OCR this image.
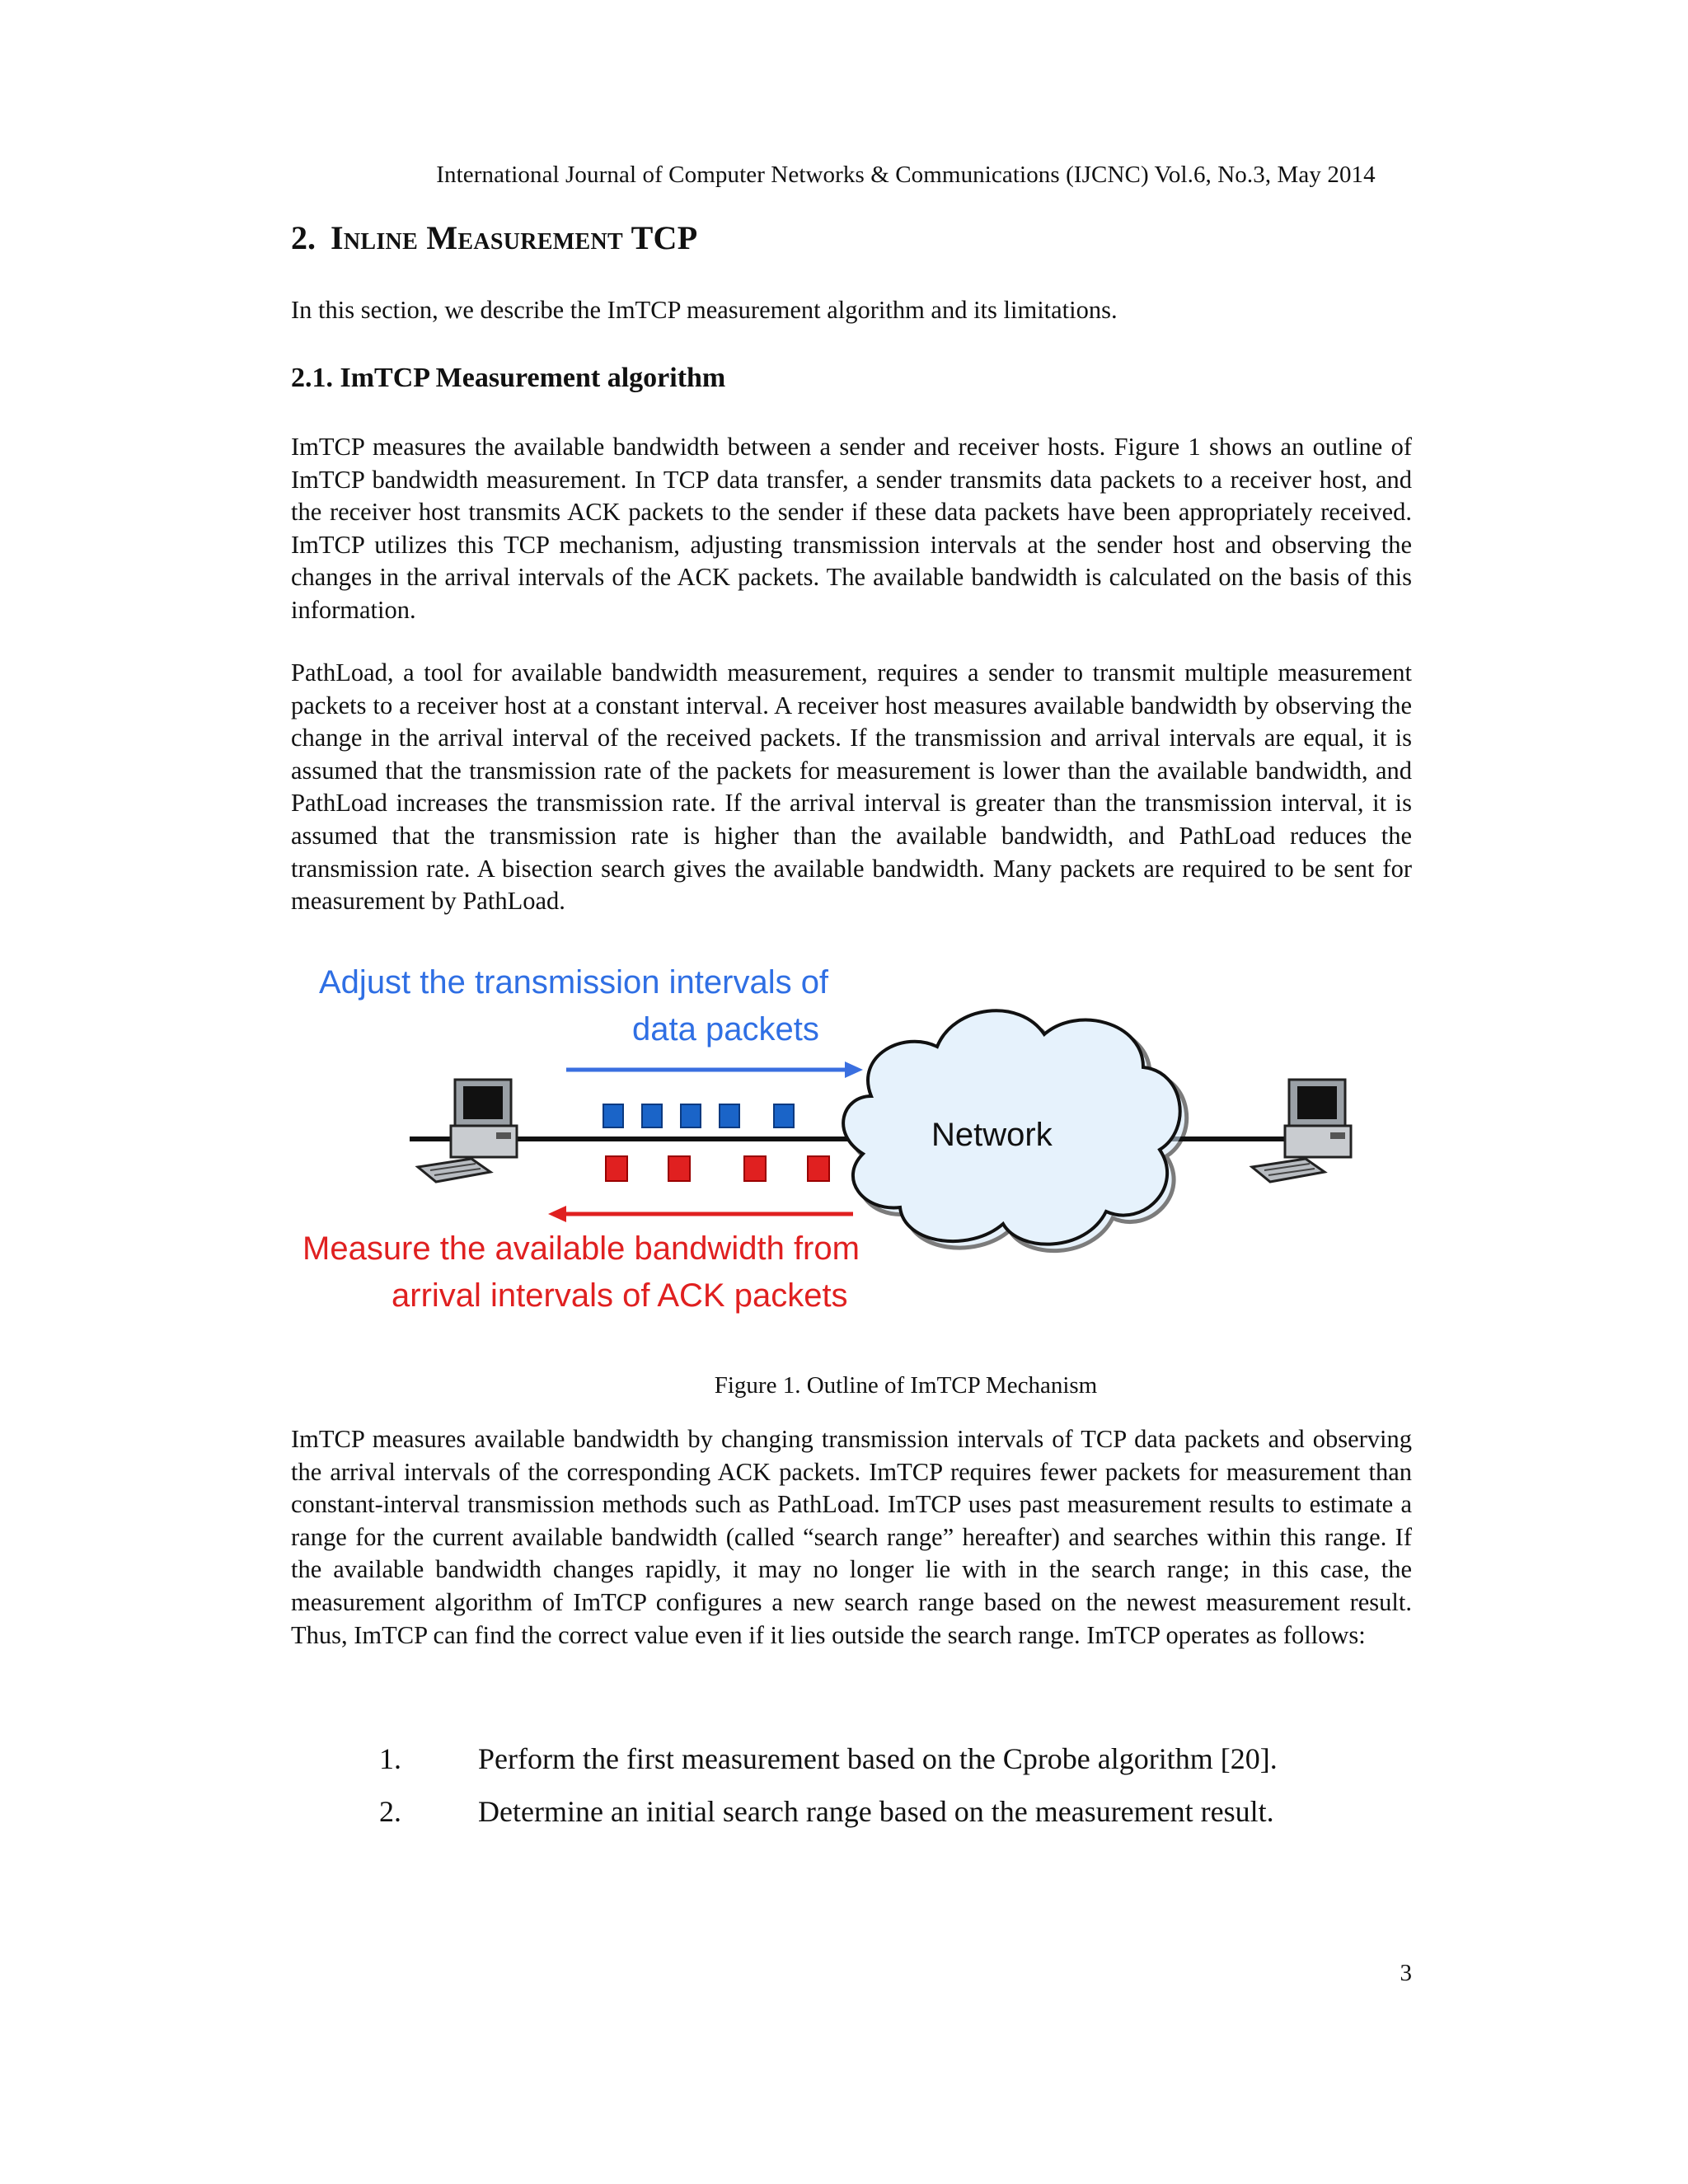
International Journal of Computer Networks & Communications (IJCNC) Vol.6, No.3, May 2014
2. Inline Measurement TCP
In this section, we describe the ImTCP measurement algorithm and its limitations.
2.1. ImTCP Measurement algorithm
ImTCP measures the available bandwidth between a sender and receiver hosts. Figure 1 shows an outline of ImTCP bandwidth measurement. In TCP data transfer, a sender transmits data packets to a receiver host, and the receiver host transmits ACK packets to the sender if these data packets have been appropriately received. ImTCP utilizes this TCP mechanism, adjusting transmission intervals at the sender host and observing the changes in the arrival intervals of the ACK packets. The available bandwidth is calculated on the basis of this information.
PathLoad, a tool for available bandwidth measurement, requires a sender to transmit multiple measurement packets to a receiver host at a constant interval. A receiver host measures available bandwidth by observing the change in the arrival interval of the received packets. If the transmission and arrival intervals are equal, it is assumed that the transmission rate of the packets for measurement is lower than the available bandwidth, and PathLoad increases the transmission rate. If the arrival interval is greater than the transmission interval, it is assumed that the transmission rate is higher than the available bandwidth, and PathLoad reduces the transmission rate. A bisection search gives the available bandwidth. Many packets are required to be sent for measurement by PathLoad.
ImTCP measures available bandwidth by changing transmission intervals of TCP data packets and observing the arrival intervals of the corresponding ACK packets. ImTCP requires fewer packets for measurement than constant-interval transmission methods such as PathLoad. ImTCP uses past measurement results to estimate a range for the current available bandwidth (called “search range” hereafter) and searches within this range. If the available bandwidth changes rapidly, it may no longer lie with in the search range; in this case, the measurement algorithm of ImTCP configures a new search range based on the newest measurement result. Thus, ImTCP can find the correct value even if it lies outside the search range. ImTCP operates as follows:
Adjust the transmission intervals of
data packets
Measure the available bandwidth from
arrival intervals of ACK packets
Network
Figure 1. Outline of ImTCP Mechanism
1.	Perform the first measurement based on the Cprobe algorithm [20].
2.	Determine an initial search range based on the measurement result.
3
